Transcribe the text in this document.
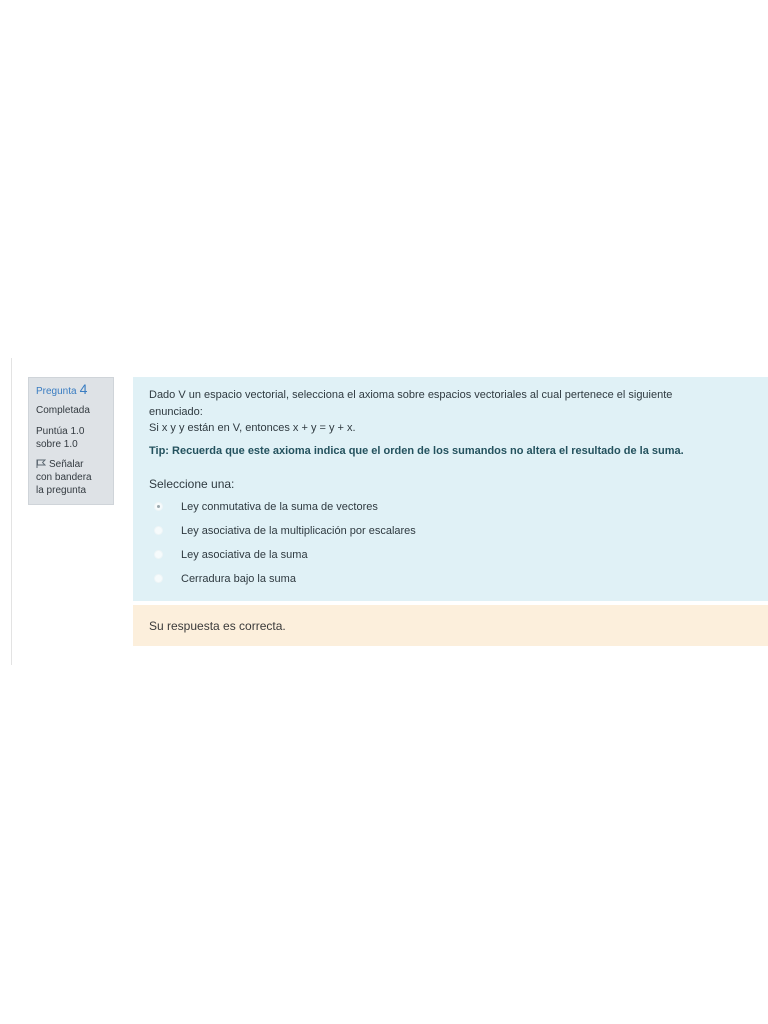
Pregunta 4
Completada
Puntúa 1.0
sobre 1.0
Señalar
con bandera
la pregunta
Dado V un espacio vectorial, selecciona el axioma sobre espacios vectoriales al cual pertenece el siguiente
enunciado:
Si x y y están en V, entonces x + y = y + x.
Tip: Recuerda que este axioma indica que el orden de los sumandos no altera el resultado de la suma.
Seleccione una:
Ley conmutativa de la suma de vectores
Ley asociativa de la multiplicación por escalares
Ley asociativa de la suma
Cerradura bajo la suma
Su respuesta es correcta.
